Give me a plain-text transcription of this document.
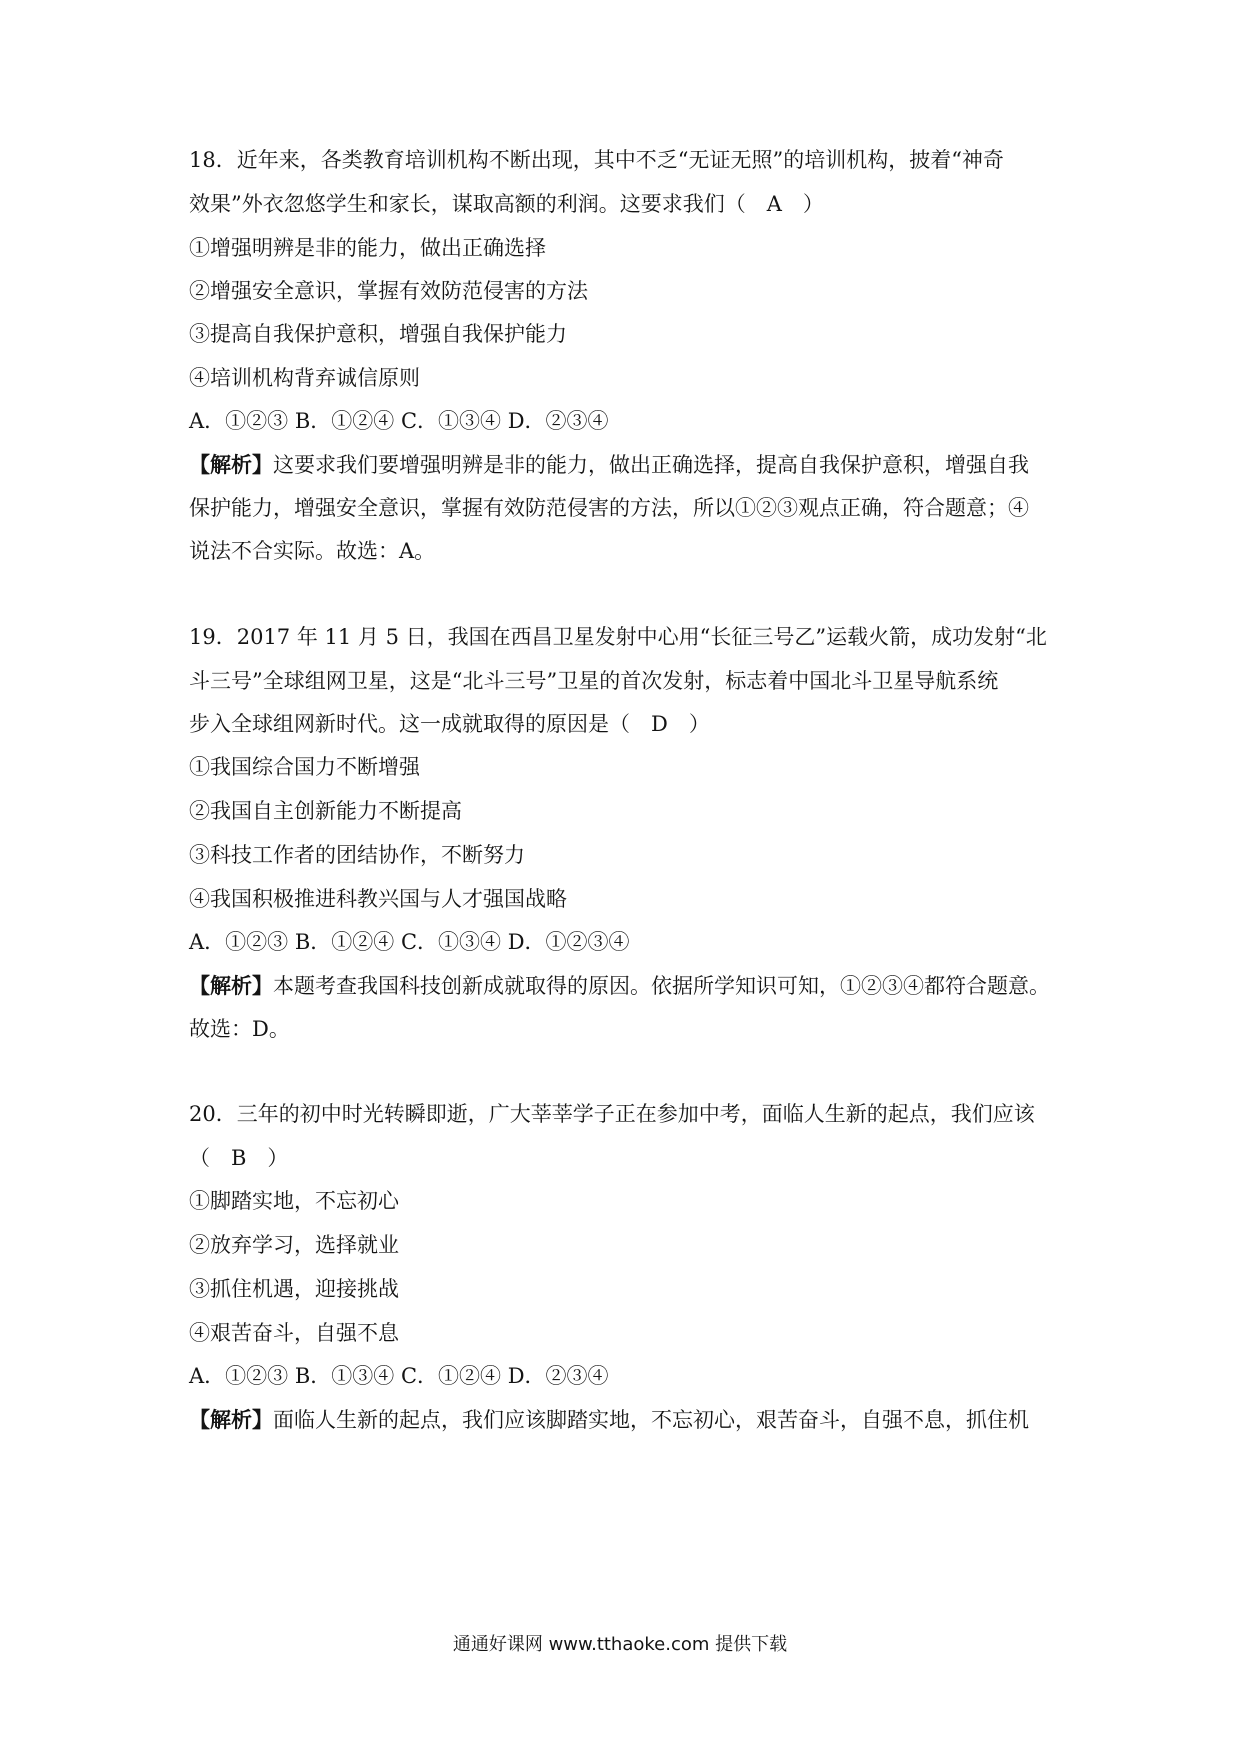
18．近年来，各类教育培训机构不断出现，其中不乏“无证无照”的培训机构，披着“神奇
效果”外衣忽悠学生和家长，谋取高额的利润。这要求我们（　A　）
①增强明辨是非的能力，做出正确选择
②增强安全意识，掌握有效防范侵害的方法
③提高自我保护意积，增强自我保护能力
④培训机构背弃诚信原则
A．①②③ B．①②④ C．①③④ D．②③④
【解析】这要求我们要增强明辨是非的能力，做出正确选择，提高自我保护意积，增强自我
保护能力，增强安全意识，掌握有效防范侵害的方法，所以①②③观点正确，符合题意；④
说法不合实际。故选：A。
19．2017 年 11 月 5 日，我国在西昌卫星发射中心用“长征三号乙”运载火箭，成功发射“北
斗三号”全球组网卫星，这是“北斗三号”卫星的首次发射，标志着中国北斗卫星导航系统
步入全球组网新时代。这一成就取得的原因是（　D　）
①我国综合国力不断增强
②我国自主创新能力不断提高
③科技工作者的团结协作，不断努力
④我国积极推进科教兴国与人才强国战略
A．①②③ B．①②④ C．①③④ D．①②③④
【解析】本题考查我国科技创新成就取得的原因。依据所学知识可知，①②③④都符合题意。
故选：D。
20．三年的初中时光转瞬即逝，广大莘莘学子正在参加中考，面临人生新的起点，我们应该
（　B　）
①脚踏实地，不忘初心
②放弃学习，选择就业
③抓住机遇，迎接挑战
④艰苦奋斗，自强不息
A．①②③ B．①③④ C．①②④ D．②③④
【解析】面临人生新的起点，我们应该脚踏实地，不忘初心，艰苦奋斗，自强不息，抓住机
通通好课网 www.tthaoke.com 提供下载
